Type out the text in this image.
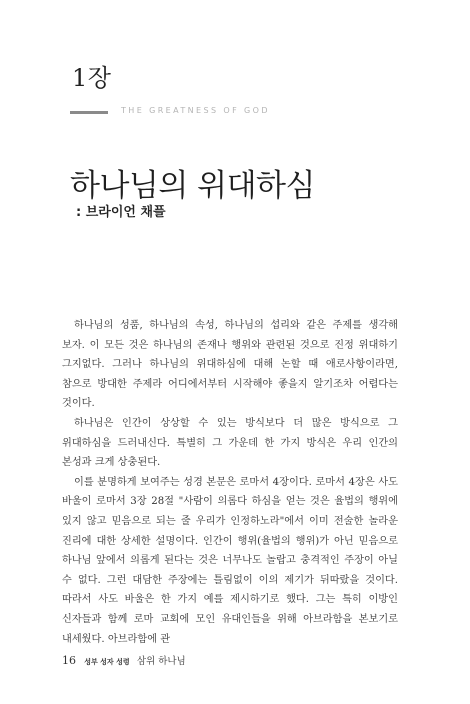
1장
THE GREATNESS OF GOD
하나님의 위대하심
: 브라이언 채플

하나님의 성품, 하나님의 속성, 하나님의 섭리와 같은 주제를 생각해 보자. 이 모든 것은 하나님의 존재나 행위와 관련된 것으로 진정 위대하기 그지없다. 그러나 하나님의 위대하심에 대해 논할 때 애로사항이라면, 참으로 방대한 주제라 어디에서부터 시작해야 좋을지 알기조차 어렵다는 것이다.

하나님은 인간이 상상할 수 있는 방식보다 더 많은 방식으로 그 위대하심을 드러내신다. 특별히 그 가운데 한 가지 방식은 우리 인간의 본성과 크게 상충된다.

이를 분명하게 보여주는 성경 본문은 로마서 4장이다. 로마서 4장은 사도 바울이 로마서 3장 28절 "사람이 의롭다 하심을 얻는 것은 율법의 행위에 있지 않고 믿음으로 되는 줄 우리가 인정하노라"에서 이미 전술한 놀라운 진리에 대한 상세한 설명이다. 인간이 행위(율법의 행위)가 아닌 믿음으로 하나님 앞에서 의롭게 된다는 것은 너무나도 놀랍고 충격적인 주장이 아닐 수 없다. 그런 대담한 주장에는 틀림없이 이의 제기가 뒤따랐을 것이다. 따라서 사도 바울은 한 가지 예를 제시하기로 했다. 그는 특히 이방인 신자들과 함께 로마 교회에 모인 유대인들을 위해 아브라함을 본보기로 내세웠다. 아브라함에 관

16 성부 성자 성령 삼위 하나님
